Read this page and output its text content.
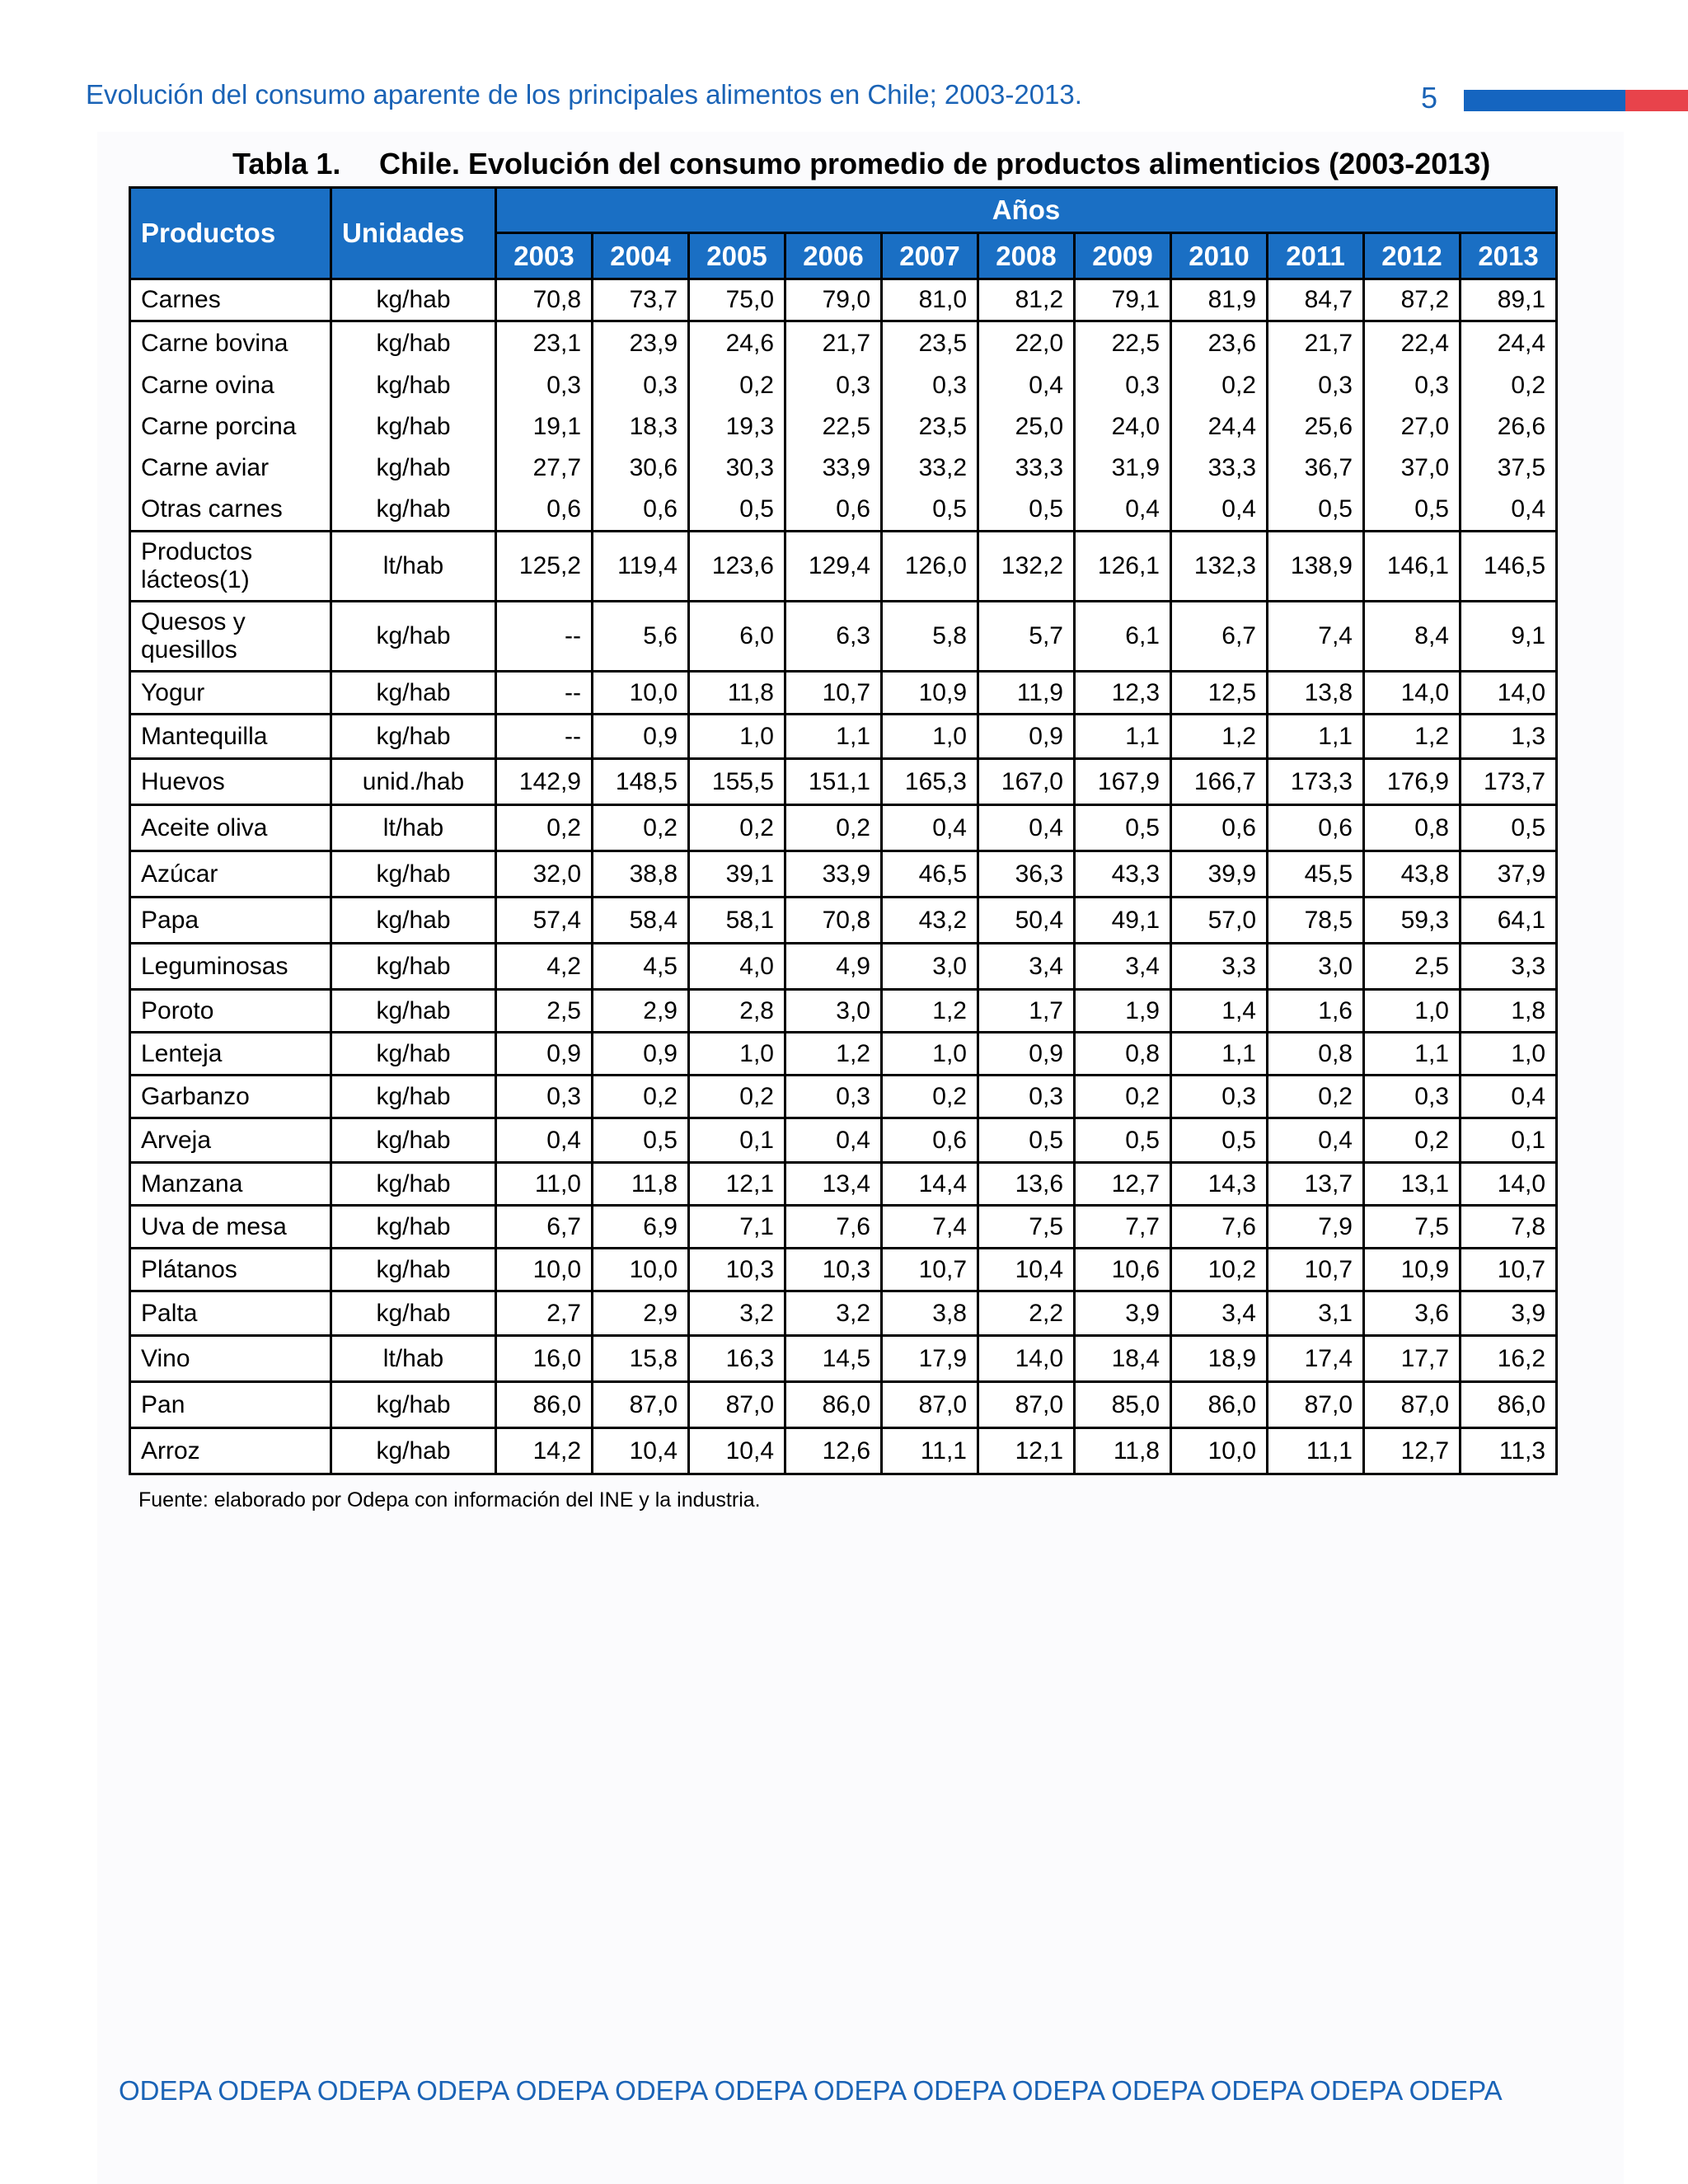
Evolución del consumo aparente de los principales alimentos en Chile; 2003-2013.	5
Tabla 1. Chile. Evolución del consumo promedio de productos alimenticios (2003-2013)
Productos	Unidades	Años										
		2003	2004	2005	2006	2007	2008	2009	2010	2011	2012	2013
Carnes	kg/hab	70,8	73,7	75,0	79,0	81,0	81,2	79,1	81,9	84,7	87,2	89,1
Carne bovina	kg/hab	23,1	23,9	24,6	21,7	23,5	22,0	22,5	23,6	21,7	22,4	24,4
Carne ovina	kg/hab	0,3	0,3	0,2	0,3	0,3	0,4	0,3	0,2	0,3	0,3	0,2
Carne porcina	kg/hab	19,1	18,3	19,3	22,5	23,5	25,0	24,0	24,4	25,6	27,0	26,6
Carne aviar	kg/hab	27,7	30,6	30,3	33,9	33,2	33,3	31,9	33,3	36,7	37,0	37,5
Otras carnes	kg/hab	0,6	0,6	0,5	0,6	0,5	0,5	0,4	0,4	0,5	0,5	0,4
Productos lácteos(1)	lt/hab	125,2	119,4	123,6	129,4	126,0	132,2	126,1	132,3	138,9	146,1	146,5
Quesos y quesillos	kg/hab	--	5,6	6,0	6,3	5,8	5,7	6,1	6,7	7,4	8,4	9,1
Yogur	kg/hab	--	10,0	11,8	10,7	10,9	11,9	12,3	12,5	13,8	14,0	14,0
Mantequilla	kg/hab	--	0,9	1,0	1,1	1,0	0,9	1,1	1,2	1,1	1,2	1,3
Huevos	unid./hab	142,9	148,5	155,5	151,1	165,3	167,0	167,9	166,7	173,3	176,9	173,7
Aceite oliva	lt/hab	0,2	0,2	0,2	0,2	0,4	0,4	0,5	0,6	0,6	0,8	0,5
Azúcar	kg/hab	32,0	38,8	39,1	33,9	46,5	36,3	43,3	39,9	45,5	43,8	37,9
Papa	kg/hab	57,4	58,4	58,1	70,8	43,2	50,4	49,1	57,0	78,5	59,3	64,1
Leguminosas	kg/hab	4,2	4,5	4,0	4,9	3,0	3,4	3,4	3,3	3,0	2,5	3,3
Poroto	kg/hab	2,5	2,9	2,8	3,0	1,2	1,7	1,9	1,4	1,6	1,0	1,8
Lenteja	kg/hab	0,9	0,9	1,0	1,2	1,0	0,9	0,8	1,1	0,8	1,1	1,0
Garbanzo	kg/hab	0,3	0,2	0,2	0,3	0,2	0,3	0,2	0,3	0,2	0,3	0,4
Arveja	kg/hab	0,4	0,5	0,1	0,4	0,6	0,5	0,5	0,5	0,4	0,2	0,1
Manzana	kg/hab	11,0	11,8	12,1	13,4	14,4	13,6	12,7	14,3	13,7	13,1	14,0
Uva de mesa	kg/hab	6,7	6,9	7,1	7,6	7,4	7,5	7,7	7,6	7,9	7,5	7,8
Plátanos	kg/hab	10,0	10,0	10,3	10,3	10,7	10,4	10,6	10,2	10,7	10,9	10,7
Palta	kg/hab	2,7	2,9	3,2	3,2	3,8	2,2	3,9	3,4	3,1	3,6	3,9
Vino	lt/hab	16,0	15,8	16,3	14,5	17,9	14,0	18,4	18,9	17,4	17,7	16,2
Pan	kg/hab	86,0	87,0	87,0	86,0	87,0	87,0	85,0	86,0	87,0	87,0	86,0
Arroz	kg/hab	14,2	10,4	10,4	12,6	11,1	12,1	11,8	10,0	11,1	12,7	11,3
Fuente: elaborado por Odepa con información del INE y la industria.
ODEPA ODEPA ODEPA ODEPA ODEPA ODEPA ODEPA ODEPA ODEPA ODEPA ODEPA ODEPA ODEPA ODEPA
